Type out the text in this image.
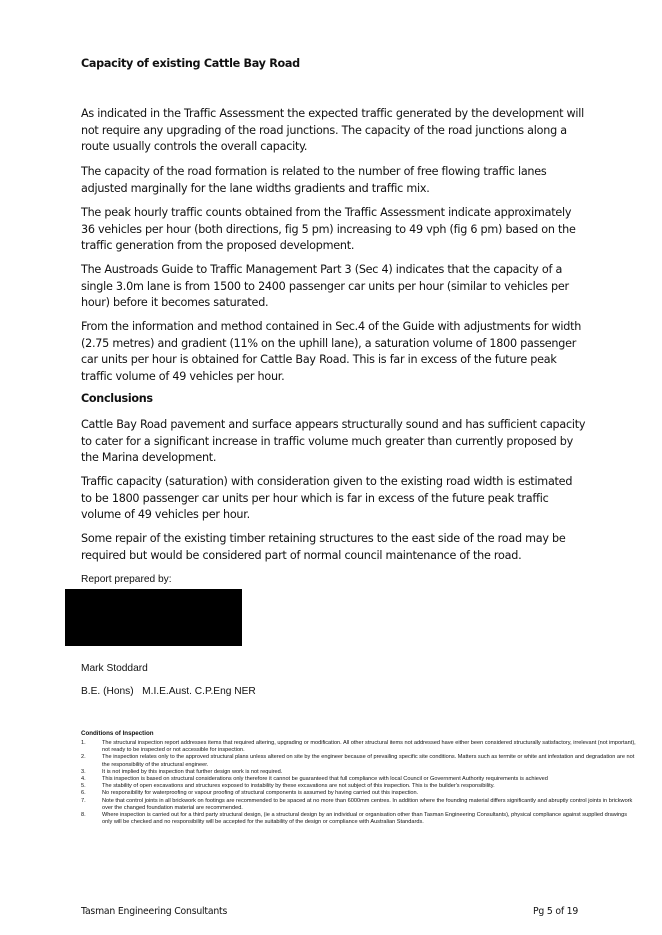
Capacity of existing Cattle Bay Road
As indicated in the Traffic Assessment the expected traffic generated by the development will not require any upgrading of the road junctions. The capacity of the road junctions along a route usually controls the overall capacity.
The capacity of the road formation is related to the number of free flowing traffic lanes adjusted marginally for the lane widths gradients and traffic mix.
The peak hourly traffic counts obtained from the Traffic Assessment indicate approximately 36 vehicles per hour (both directions, fig 5 pm) increasing to 49 vph (fig 6 pm) based on the traffic generation from the proposed development.
The Austroads Guide to Traffic Management Part 3 (Sec 4) indicates that the capacity of a single 3.0m lane is from 1500 to 2400 passenger car units per hour (similar to vehicles per hour) before it becomes saturated.
From the information and method contained in Sec.4 of the Guide with adjustments for width (2.75 metres) and gradient (11% on the uphill lane), a saturation volume of 1800 passenger car units per hour is obtained for Cattle Bay Road. This is far in excess of the future peak traffic volume of 49 vehicles per hour.
Conclusions
Cattle Bay Road pavement and surface appears structurally sound and has sufficient capacity to cater for a significant increase in traffic volume much greater than currently proposed by the Marina development.
Traffic capacity (saturation) with consideration given to the existing road width is estimated to be 1800 passenger car units per hour which is far in excess of the future peak traffic volume of 49 vehicles per hour.
Some repair of the existing timber retaining structures to the east side of the road may be required but would be considered part of normal council maintenance of the road.
Report prepared by:
Mark Stoddard
B.E. (Hons)   M.I.E.Aust. C.P.Eng NER
Conditions of Inspection
1.	The structural inspection report addresses items that required altering, upgrading or modification. All other structural items not addressed have either been considered structurally satisfactory, irrelevant (not important), not ready to be inspected or not accessible for inspection.
2.	The inspection relates only to the approved structural plans unless altered on site by the engineer because of prevailing specific site conditions. Matters such as termite or white ant infestation and degradation are not the responsibility of the structural engineer.
3.	It is not implied by this inspection that further design work is not required.
4.	This inspection is based on structural considerations only therefore it cannot be guaranteed that full compliance with local Council or Government Authority requirements is achieved
5.	The stability of open excavations and structures exposed to instability by these excavations are not subject of this inspection. This is the builder's responsibility.
6.	No responsibility for waterproofing or vapour proofing of structural components is assumed by having carried out this inspection.
7.	Note that control joints in all brickwork on footings are recommended to be spaced at no more than 6000mm centres. In addition where the founding material differs significantly and abruptly control joints in brickwork over the changed foundation material are recommended.
8.	Where inspection is carried out for a third party structural design, (ie a structural design by an individual or organisation other than Tasman Engineering Consultants), physical compliance against supplied drawings only will be checked and no responsibility will be accepted for the suitability of the design or compliance with Australian Standards.
Tasman Engineering Consultants	Pg 5 of 19
